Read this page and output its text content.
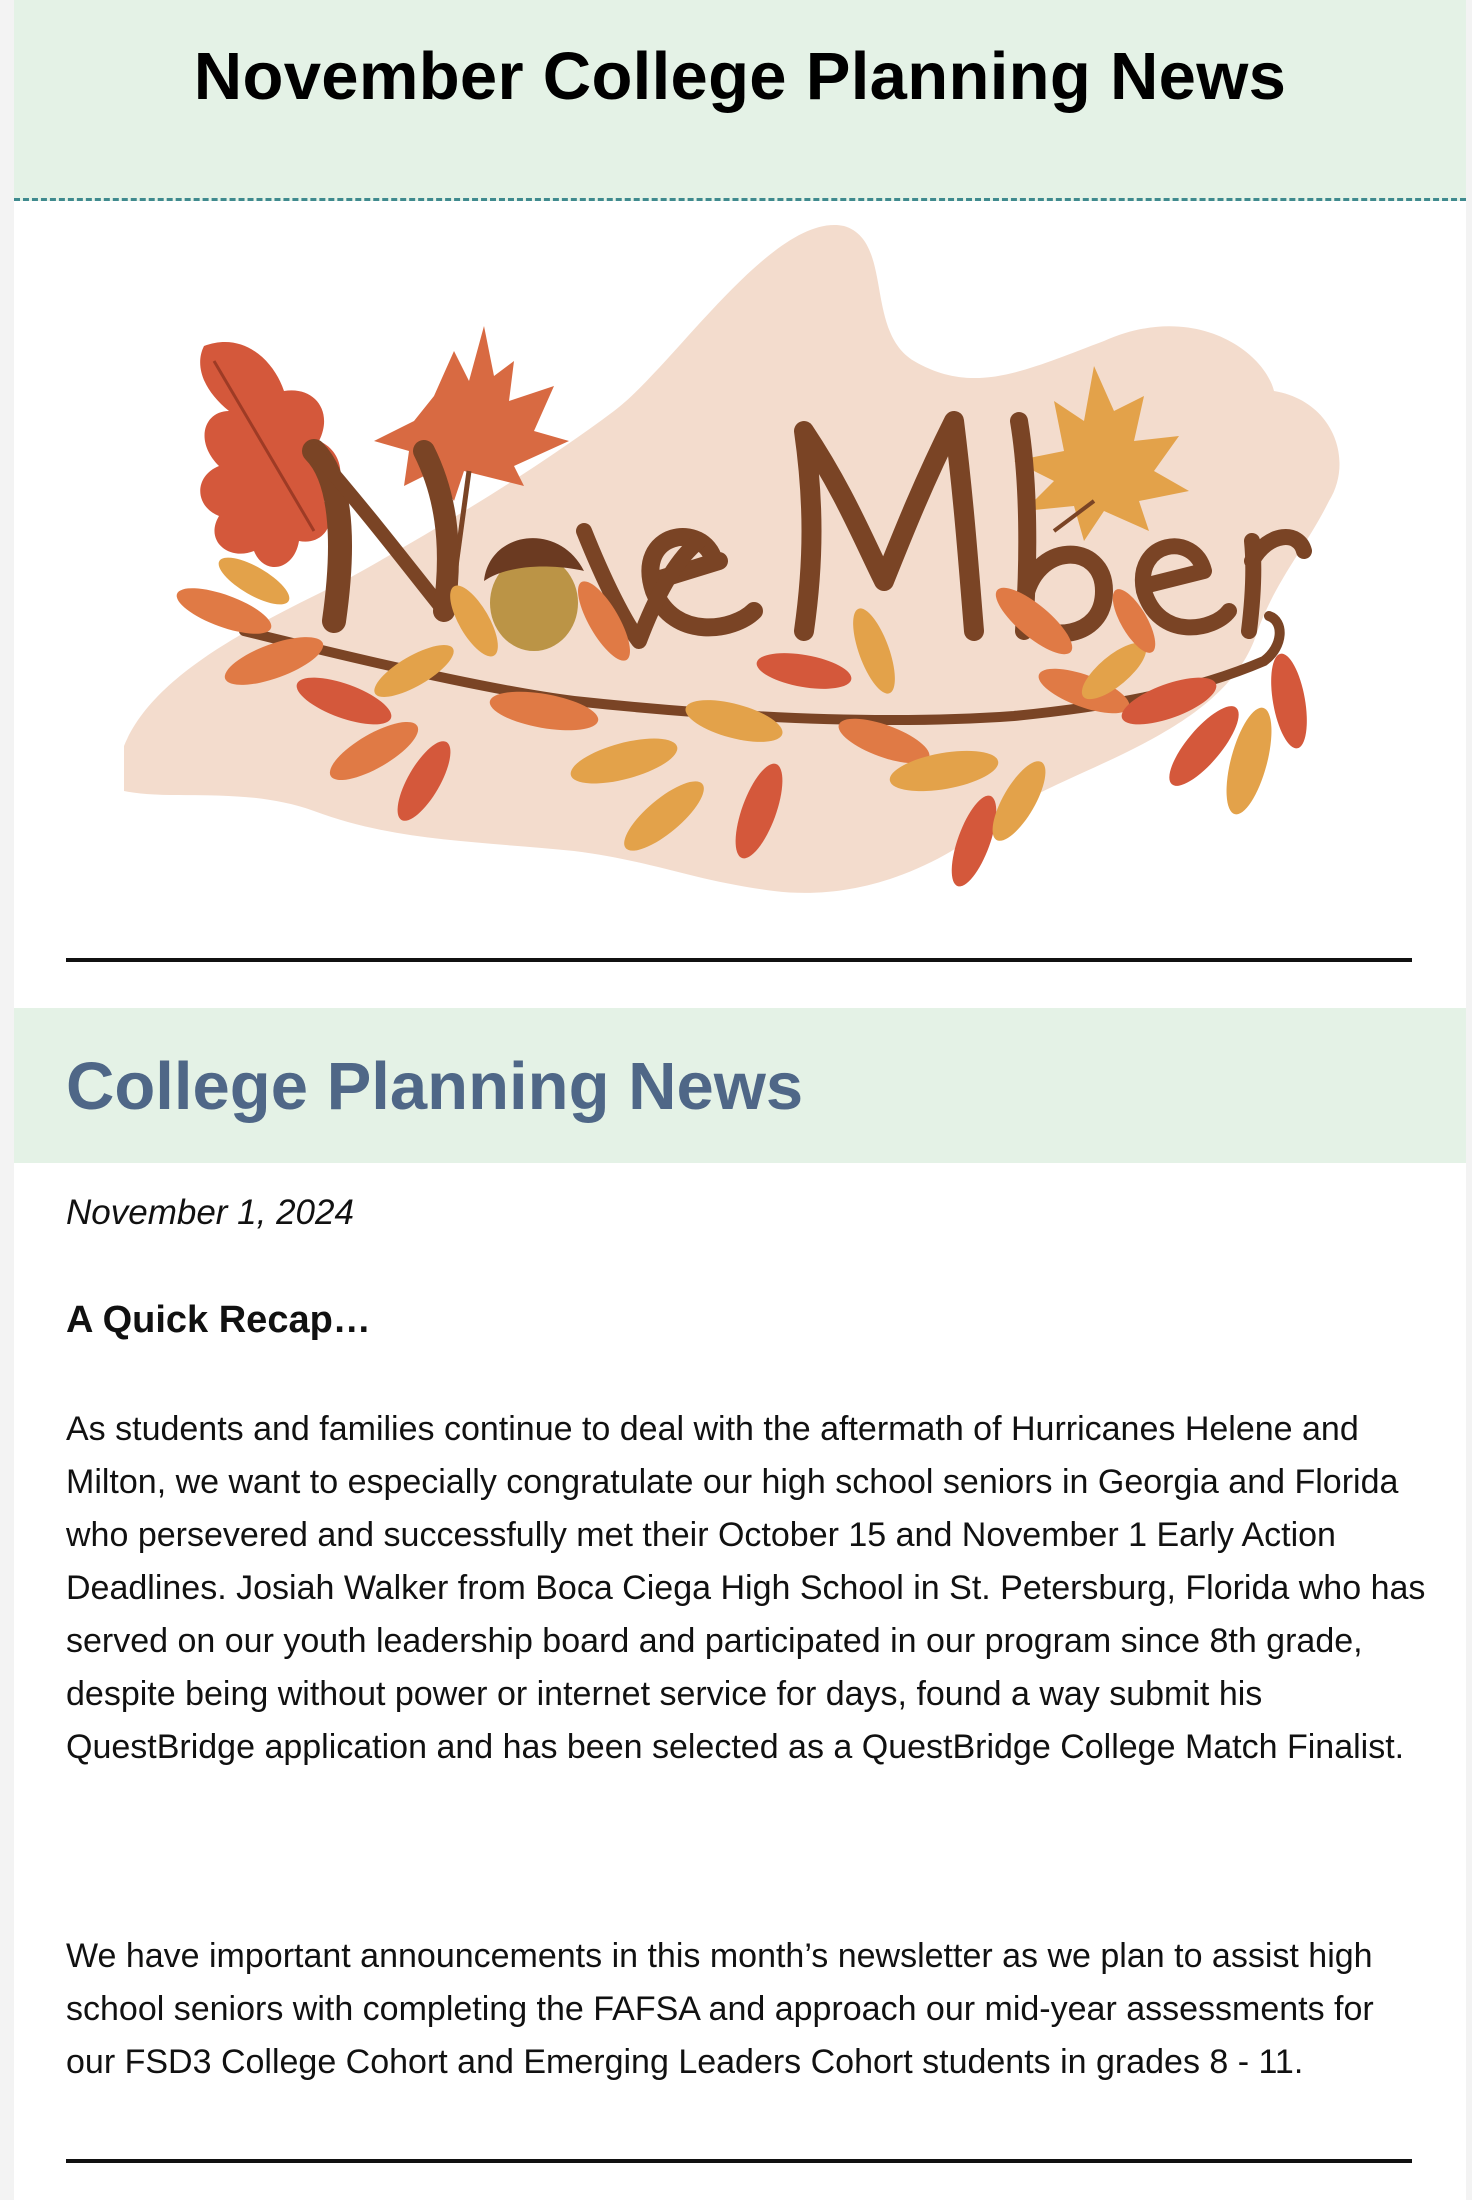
November College Planning News
College Planning News
November 1, 2024
A Quick Recap…
As students and families continue to deal with the aftermath of Hurricanes Helene and Milton, we want to especially congratulate our high school seniors in Georgia and Florida who persevered and successfully met their October 15 and November 1 Early Action Deadlines. Josiah Walker from Boca Ciega High School in St. Petersburg, Florida who has served on our youth leadership board and participated in our program since 8th grade, despite being without power or internet service for days, found a way submit his QuestBridge application and has been selected as a QuestBridge College Match Finalist.
We have important announcements in this month’s newsletter as we plan to assist high school seniors with completing the FAFSA and approach our mid-year assessments for our FSD3 College Cohort and Emerging Leaders Cohort students in grades 8 - 11.
